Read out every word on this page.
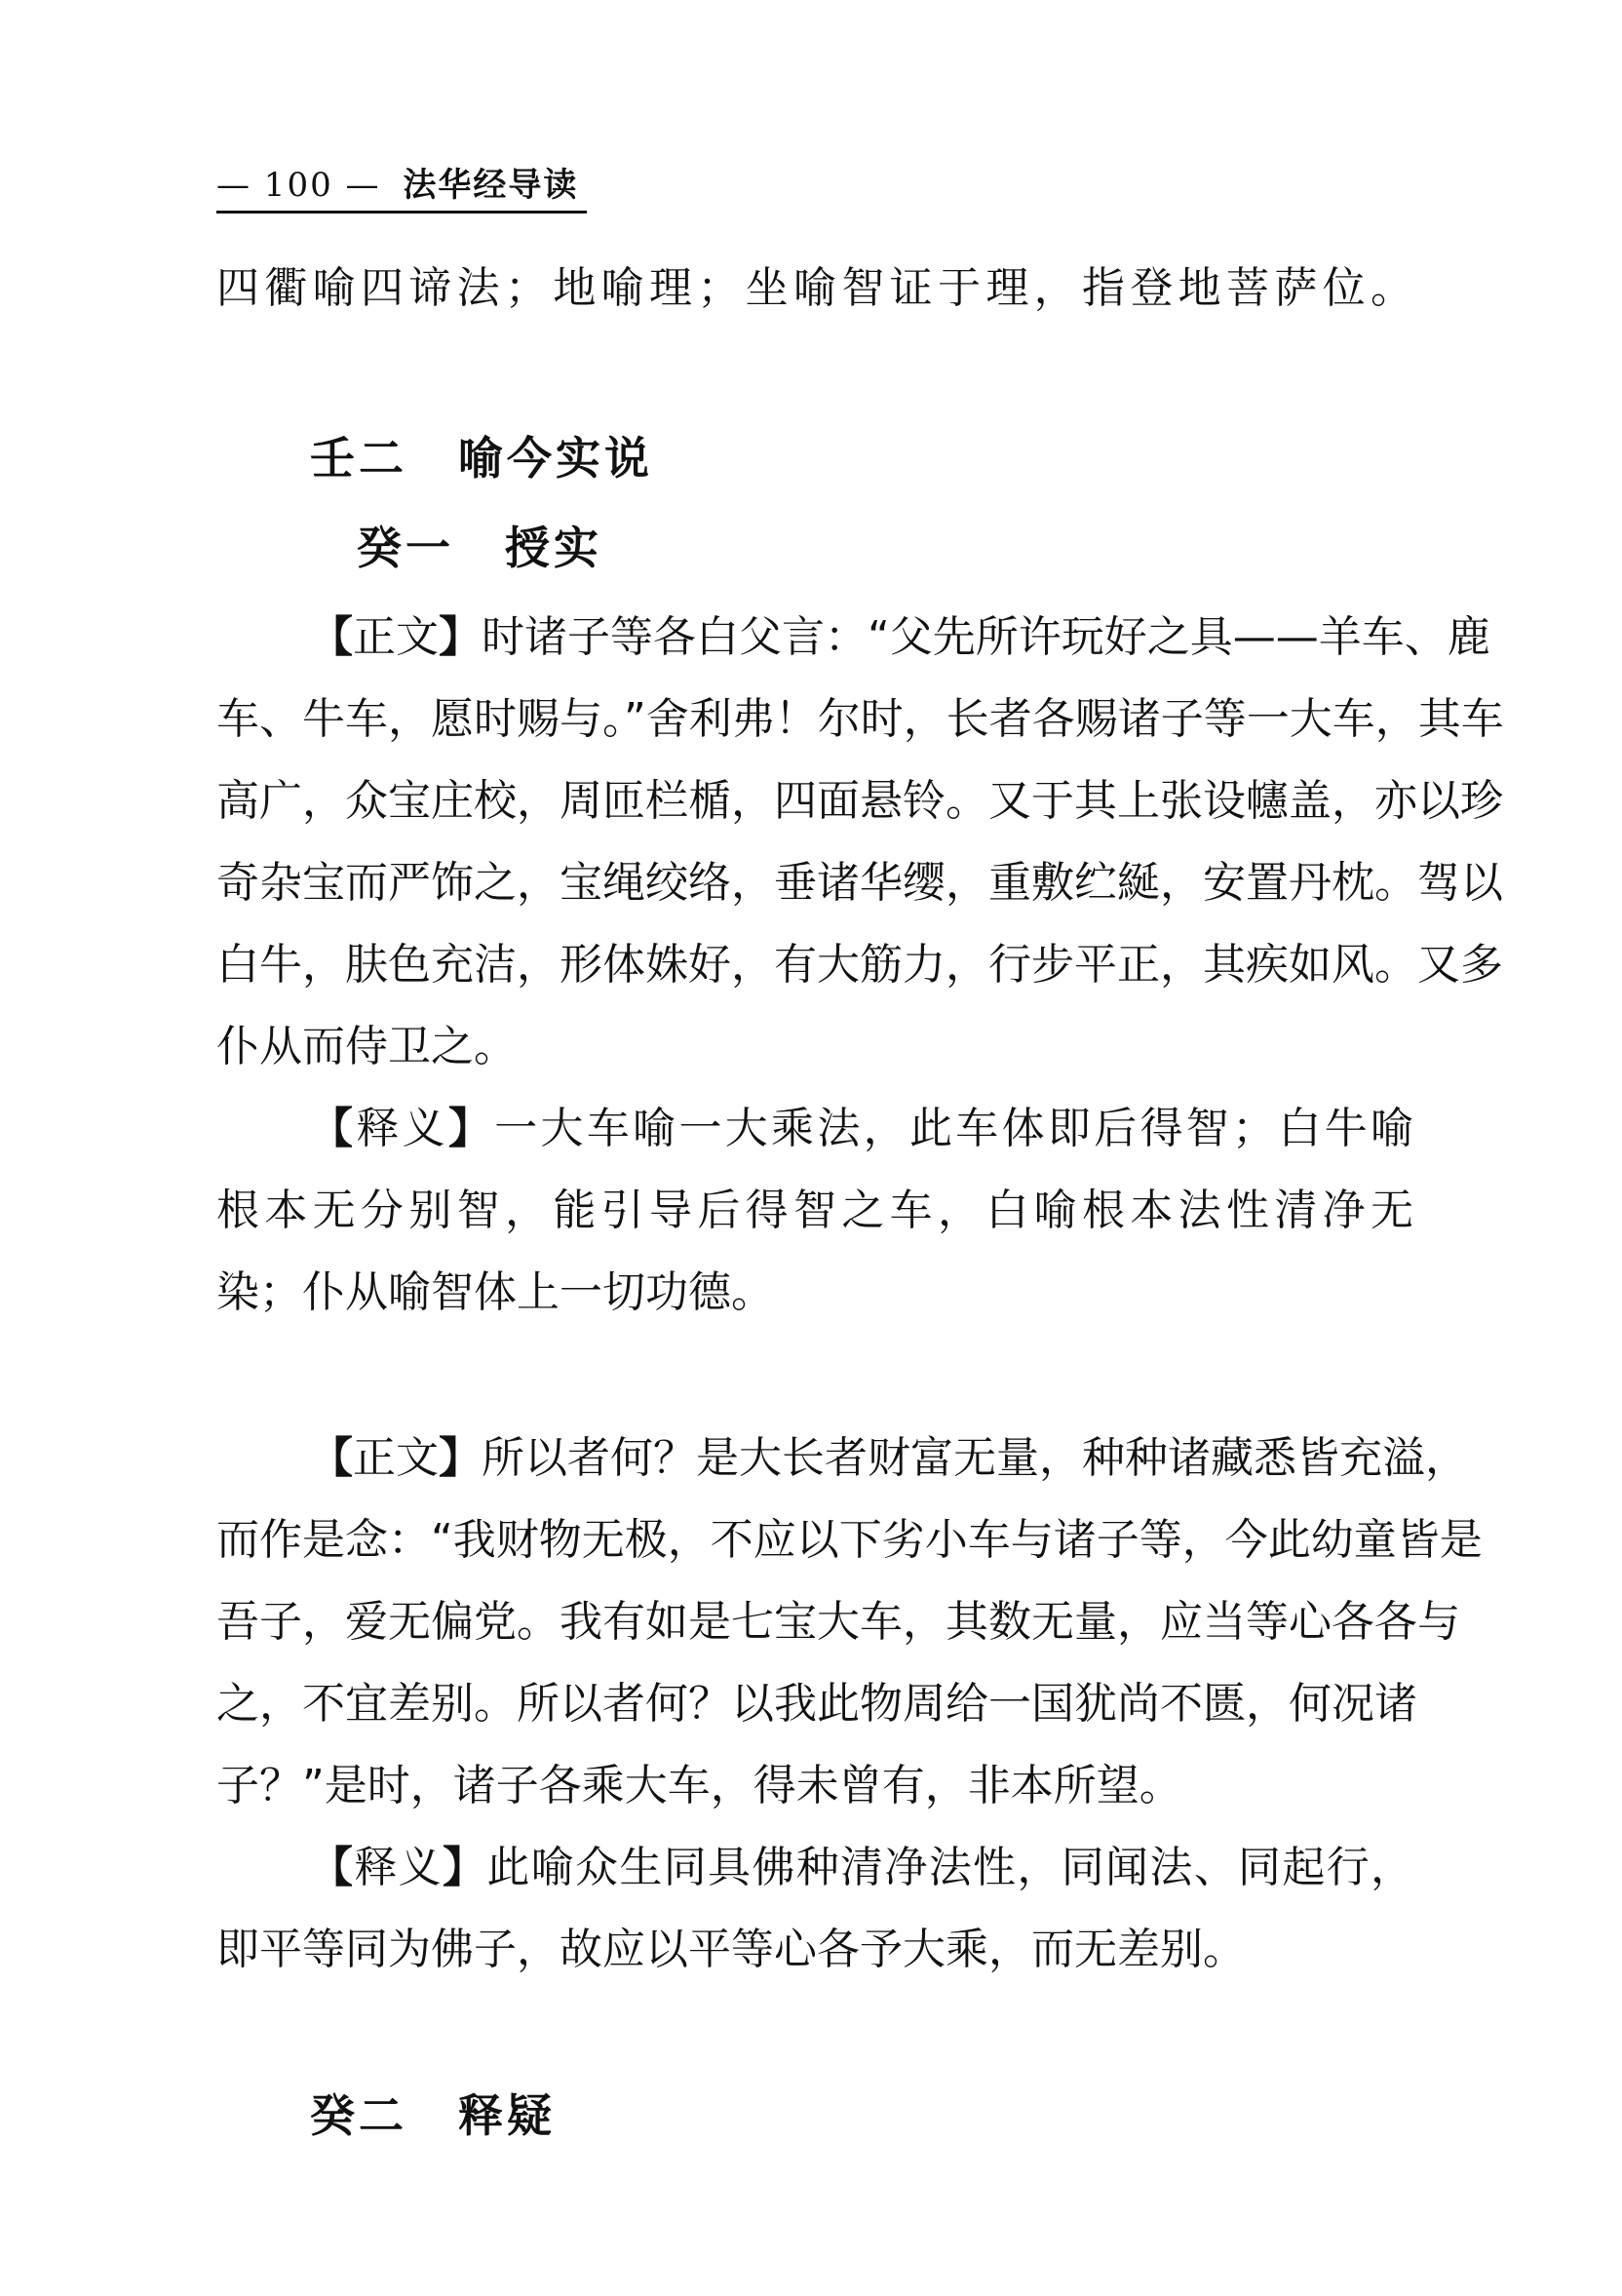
— 100 — 法华经导读
四衢喻四谛法；地喻理；坐喻智证于理，指登地菩萨位。
壬二 喻今实说
癸一 授实
【正文】时诸子等各白父言：“父先所许玩好之具——羊车、鹿
车、牛车，愿时赐与。”舍利弗！尔时，长者各赐诸子等一大车，其车
高广，众宝庄校，周匝栏楯，四面悬铃。又于其上张设幰盖，亦以珍
奇杂宝而严饰之，宝绳绞络，垂诸华缨，重敷纻綖，安置丹枕。驾以
白牛，肤色充洁，形体姝好，有大筋力，行步平正，其疾如风。又多
仆从而侍卫之。
【释义】一大车喻一大乘法，此车体即后得智；白牛喻
根本无分别智，能引导后得智之车，白喻根本法性清净无
染；仆从喻智体上一切功德。
【正文】所以者何？是大长者财富无量，种种诸藏悉皆充溢，
而作是念：“我财物无极，不应以下劣小车与诸子等，今此幼童皆是
吾子，爱无偏党。我有如是七宝大车，其数无量，应当等心各各与
之，不宜差别。所以者何？以我此物周给一国犹尚不匮，何况诸
子？”是时，诸子各乘大车，得未曾有，非本所望。
【释义】此喻众生同具佛种清净法性，同闻法、同起行，
即平等同为佛子，故应以平等心各予大乘，而无差别。
癸二 释疑
